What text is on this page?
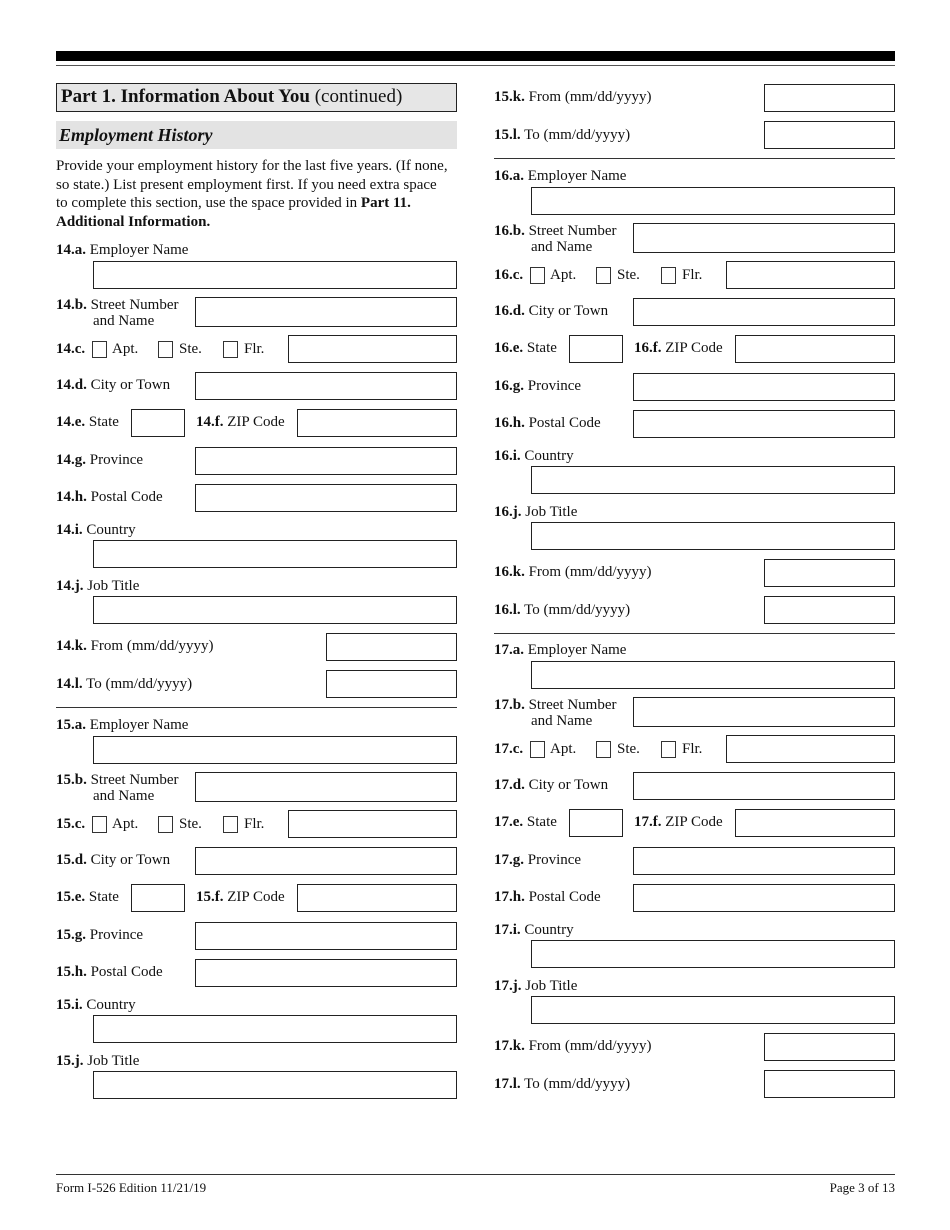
Part 1. Information About You (continued)
Employment History
Provide your employment history for the last five years. (If none, so state.) List present employment first. If you need extra space to complete this section, use the space provided in Part 11. Additional Information.
14.a. Employer Name
14.b. Street Number
and Name
14.c. Apt.	Ste.	Flr.
14.d. City or Town
14.e. State	14.f. ZIP Code
14.g. Province
14.h. Postal Code
14.i. Country
14.j. Job Title
14.k. From (mm/dd/yyyy)
14.l. To (mm/dd/yyyy)
15.a. Employer Name
15.b. Street Number
and Name
15.c. Apt.	Ste.	Flr.
15.d. City or Town
15.e. State	15.f. ZIP Code
15.g. Province
15.h. Postal Code
15.i. Country
15.j. Job Title
15.k. From (mm/dd/yyyy)
15.l. To (mm/dd/yyyy)
16.a. Employer Name
16.b. Street Number
and Name
16.c. Apt.	Ste.	Flr.
16.d. City or Town
16.e. State	16.f. ZIP Code
16.g. Province
16.h. Postal Code
16.i. Country
16.j. Job Title
16.k. From (mm/dd/yyyy)
16.l. To (mm/dd/yyyy)
17.a. Employer Name
17.b. Street Number
and Name
17.c. Apt.	Ste.	Flr.
17.d. City or Town
17.e. State	17.f. ZIP Code
17.g. Province
17.h. Postal Code
17.i. Country
17.j. Job Title
17.k. From (mm/dd/yyyy)
17.l. To (mm/dd/yyyy)
Form I-526 Edition 11/21/19	Page 3 of 13
